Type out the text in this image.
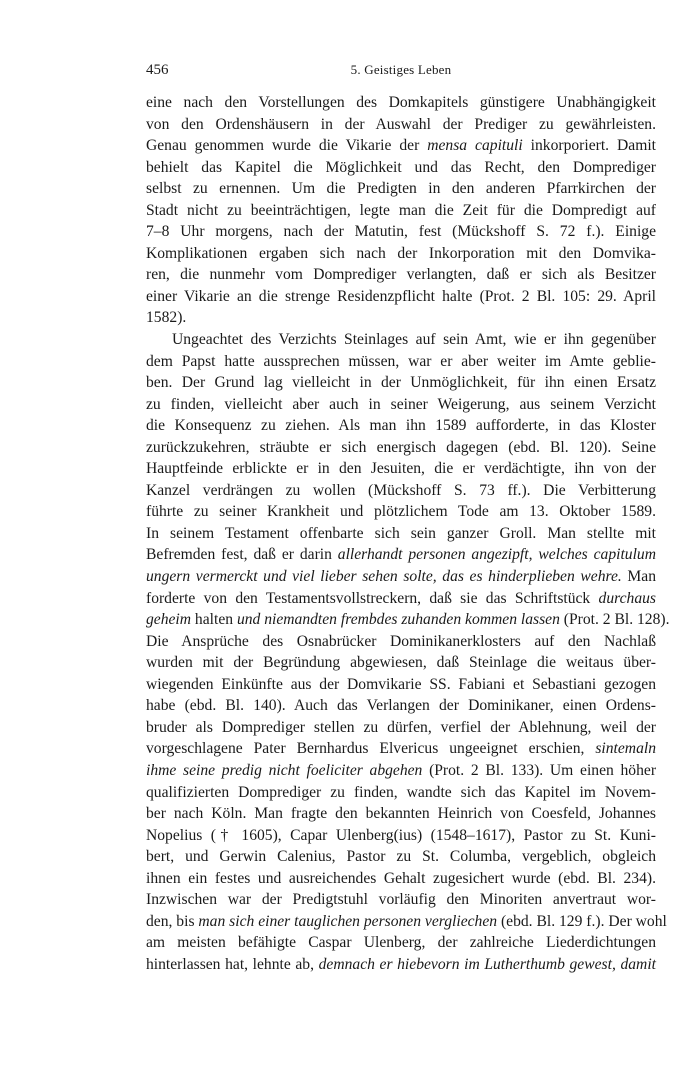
456	5. Geistiges Leben
eine nach den Vorstellungen des Domkapitels günstigere Unabhängigkeit
von den Ordenshäusern in der Auswahl der Prediger zu gewährleisten.
Genau genommen wurde die Vikarie der mensa capituli inkorporiert. Damit
behielt das Kapitel die Möglichkeit und das Recht, den Domprediger
selbst zu ernennen. Um die Predigten in den anderen Pfarrkirchen der
Stadt nicht zu beeinträchtigen, legte man die Zeit für die Dompredigt auf
7–8 Uhr morgens, nach der Matutin, fest (Mückshoff S. 72 f.). Einige
Komplikationen ergaben sich nach der Inkorporation mit den Domvika-
ren, die nunmehr vom Domprediger verlangten, daß er sich als Besitzer
einer Vikarie an die strenge Residenzpflicht halte (Prot. 2 Bl. 105: 29. April
1582).
Ungeachtet des Verzichts Steinlages auf sein Amt, wie er ihn gegenüber
dem Papst hatte aussprechen müssen, war er aber weiter im Amte geblie-
ben. Der Grund lag vielleicht in der Unmöglichkeit, für ihn einen Ersatz
zu finden, vielleicht aber auch in seiner Weigerung, aus seinem Verzicht
die Konsequenz zu ziehen. Als man ihn 1589 aufforderte, in das Kloster
zurückzukehren, sträubte er sich energisch dagegen (ebd. Bl. 120). Seine
Hauptfeinde erblickte er in den Jesuiten, die er verdächtigte, ihn von der
Kanzel verdrängen zu wollen (Mückshoff S. 73 ff.). Die Verbitterung
führte zu seiner Krankheit und plötzlichem Tode am 13. Oktober 1589.
In seinem Testament offenbarte sich sein ganzer Groll. Man stellte mit
Befremden fest, daß er darin allerhandt personen angezipft, welches capitulum
ungern vermerckt und viel lieber sehen solte, das es hinderplieben wehre. Man
forderte von den Testamentsvollstreckern, daß sie das Schriftstück durchaus
geheim halten und niemandten frembdes zuhanden kommen lassen (Prot. 2 Bl. 128).
Die Ansprüche des Osnabrücker Dominikanerklosters auf den Nachlaß
wurden mit der Begründung abgewiesen, daß Steinlage die weitaus über-
wiegenden Einkünfte aus der Domvikarie SS. Fabiani et Sebastiani gezogen
habe (ebd. Bl. 140). Auch das Verlangen der Dominikaner, einen Ordens-
bruder als Domprediger stellen zu dürfen, verfiel der Ablehnung, weil der
vorgeschlagene Pater Bernhardus Elvericus ungeeignet erschien, sintemaln
ihme seine predig nicht foeliciter abgehen (Prot. 2 Bl. 133). Um einen höher
qualifizierten Domprediger zu finden, wandte sich das Kapitel im Novem-
ber nach Köln. Man fragte den bekannten Heinrich von Coesfeld, Johannes
Nopelius († 1605), Capar Ulenberg(ius) (1548–1617), Pastor zu St. Kuni-
bert, und Gerwin Calenius, Pastor zu St. Columba, vergeblich, obgleich
ihnen ein festes und ausreichendes Gehalt zugesichert wurde (ebd. Bl. 234).
Inzwischen war der Predigtstuhl vorläufig den Minoriten anvertraut wor-
den, bis man sich einer tauglichen personen vergliechen (ebd. Bl. 129 f.). Der wohl
am meisten befähigte Caspar Ulenberg, der zahlreiche Liederdichtungen
hinterlassen hat, lehnte ab, demnach er hiebevorn im Lutherthumb gewest, damit
